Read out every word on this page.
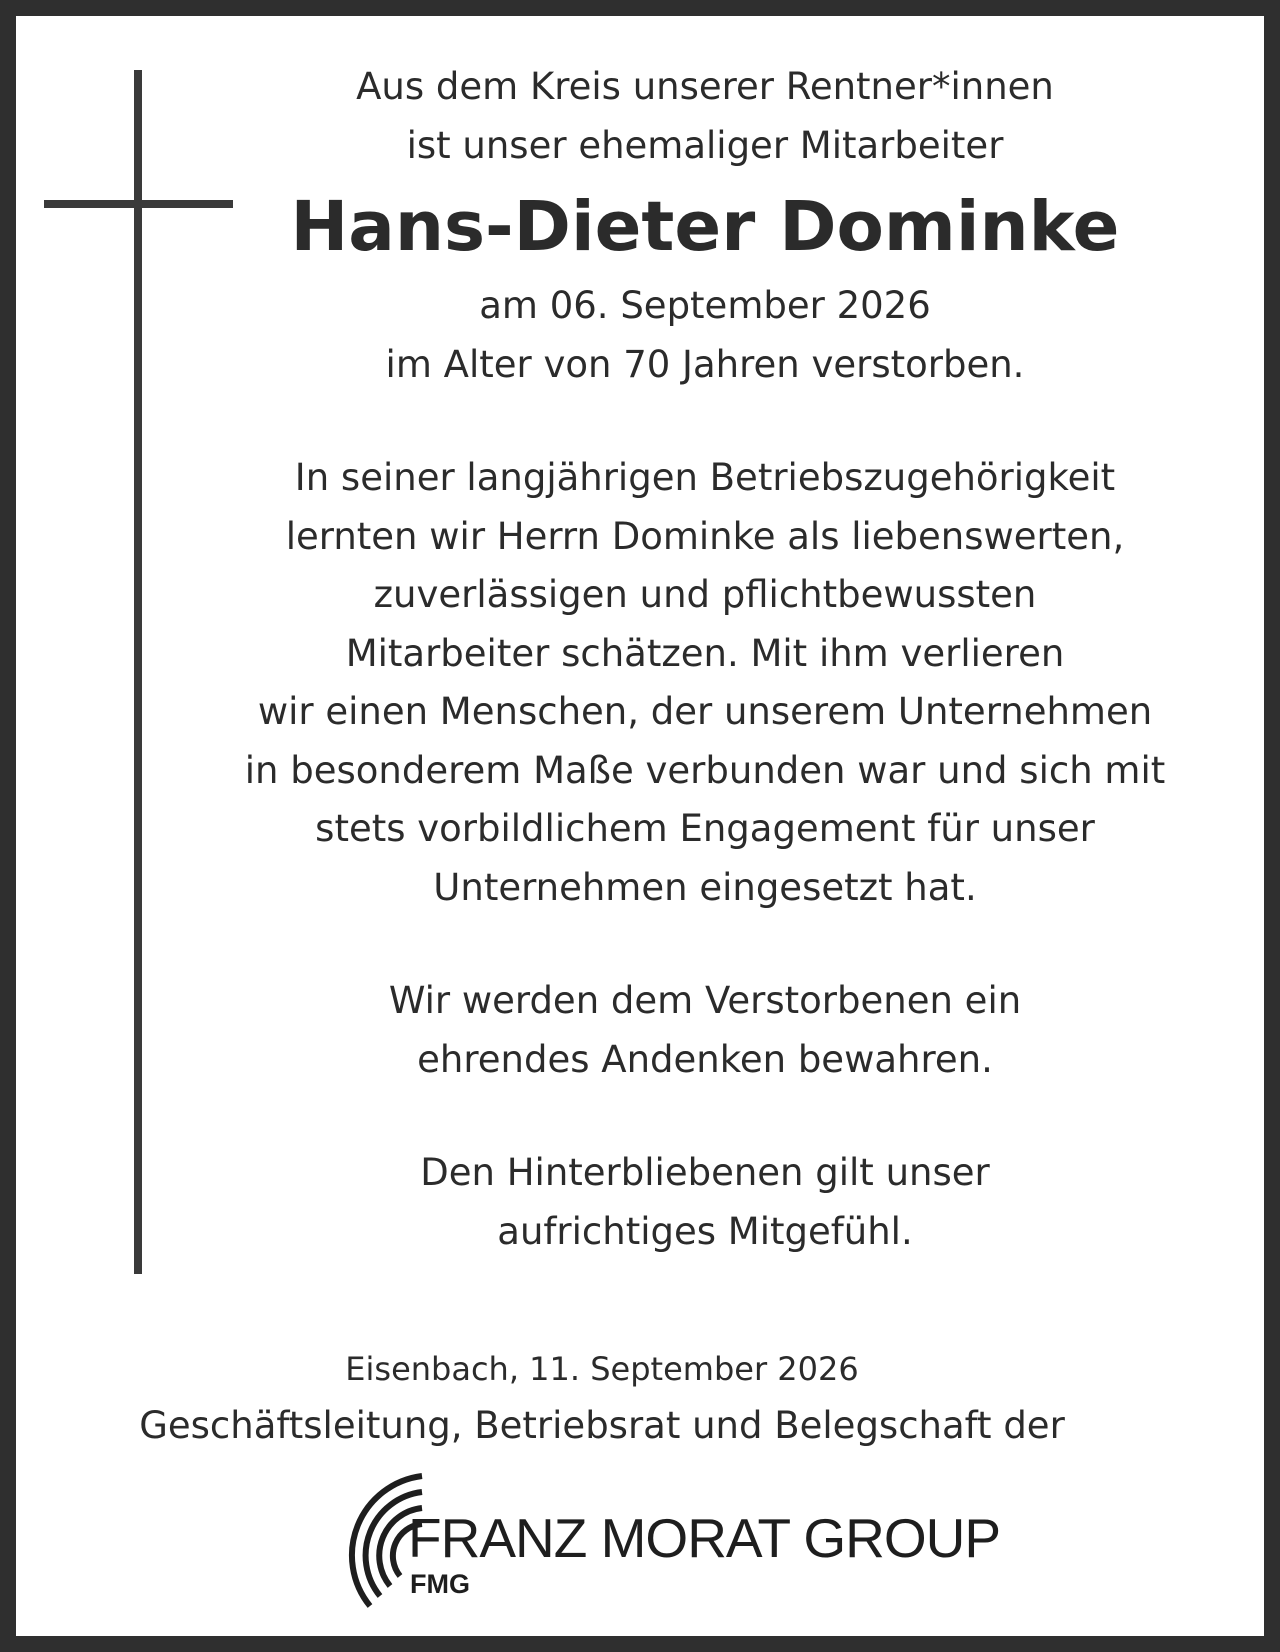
Aus dem Kreis unserer Rentner*innen
ist unser ehemaliger Mitarbeiter
Hans-Dieter Dominke
am 06. September 2026
im Alter von 70 Jahren verstorben.
In seiner langjährigen Betriebszugehörigkeit
lernten wir Herrn Dominke als liebenswerten,
zuverlässigen und pflichtbewussten
Mitarbeiter schätzen. Mit ihm verlieren
wir einen Menschen, der unserem Unternehmen
in besonderem Maße verbunden war und sich mit
stets vorbildlichem Engagement für unser
Unternehmen eingesetzt hat.
Wir werden dem Verstorbenen ein
ehrendes Andenken bewahren.
Den Hinterbliebenen gilt unser
aufrichtiges Mitgefühl.
Eisenbach, 11. September 2026
Geschäftsleitung, Betriebsrat und Belegschaft der
FRANZ MORAT GROUP
FMG
